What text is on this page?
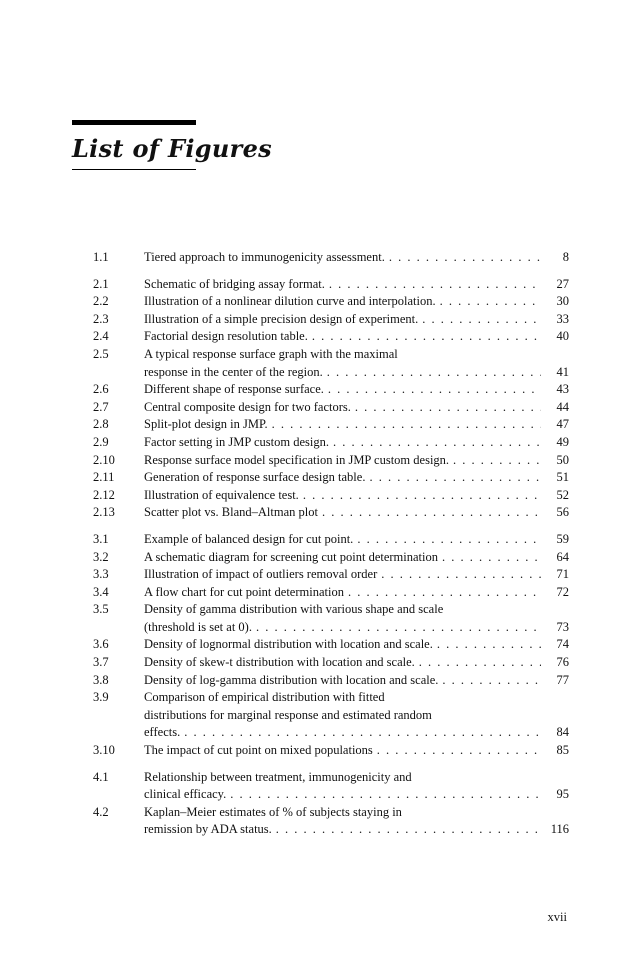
List of Figures
1.1	Tiered approach to immunogenicity assessment. . . .	8
2.1	Schematic of bridging assay format. . . .	27
2.2	Illustration of a nonlinear dilution curve and interpolation. . . .	30
2.3	Illustration of a simple precision design of experiment. . . .	33
2.4	Factorial design resolution table. . . .	40
2.5	A typical response surface graph with the maximal
response in the center of the region. . . .	41
2.6	Different shape of response surface. . . .	43
2.7	Central composite design for two factors. . . .	44
2.8	Split-plot design in JMP. . . .	47
2.9	Factor setting in JMP custom design. . . .	49
2.10	Response surface model specification in JMP custom design. . . .	50
2.11	Generation of response surface design table. . . .	51
2.12	Illustration of equivalence test. . . .	52
2.13	Scatter plot vs. Bland–Altman plot . . .	56
3.1	Example of balanced design for cut point. . . .	59
3.2	A schematic diagram for screening cut point determination . . .	64
3.3	Illustration of impact of outliers removal order . . .	71
3.4	A flow chart for cut point determination . . .	72
3.5	Density of gamma distribution with various shape and scale
(threshold is set at 0). . . .	73
3.6	Density of lognormal distribution with location and scale. . . .	74
3.7	Density of skew-t distribution with location and scale. . . .	76
3.8	Density of log-gamma distribution with location and scale. . . .	77
3.9	Comparison of empirical distribution with fitted
distributions for marginal response and estimated random
effects. . . .	84
3.10	The impact of cut point on mixed populations . . .	85
4.1	Relationship between treatment, immunogenicity and
clinical efficacy. . . .	95
4.2	Kaplan–Meier estimates of % of subjects staying in
remission by ADA status. . . .	116
xvii
